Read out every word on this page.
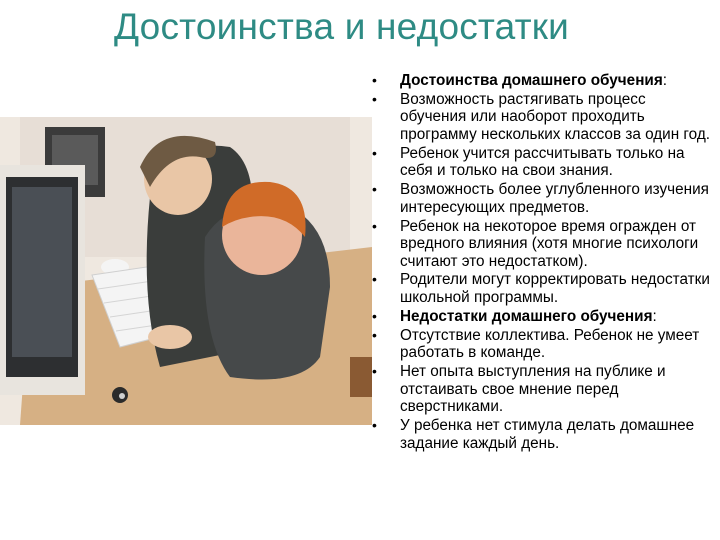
Достоинства и недостатки
• Достоинства домашнего обучения:
• Возможность растягивать процесс обучения или наоборот проходить программу нескольких классов за один год.
• Ребенок учится рассчитывать только на себя и только на свои знания.
• Возможность более углубленного изучения интересующих предметов.
• Ребенок на некоторое время огражден от вредного влияния (хотя многие психологи считают это недостатком).
• Родители могут корректировать недостатки школьной программы.
• Недостатки домашнего обучения:
• Отсутствие коллектива. Ребенок не умеет работать в команде.
• Нет опыта выступления на публике и отстаивать свое мнение перед сверстниками.
• У ребенка нет стимула делать домашнее задание каждый день.
